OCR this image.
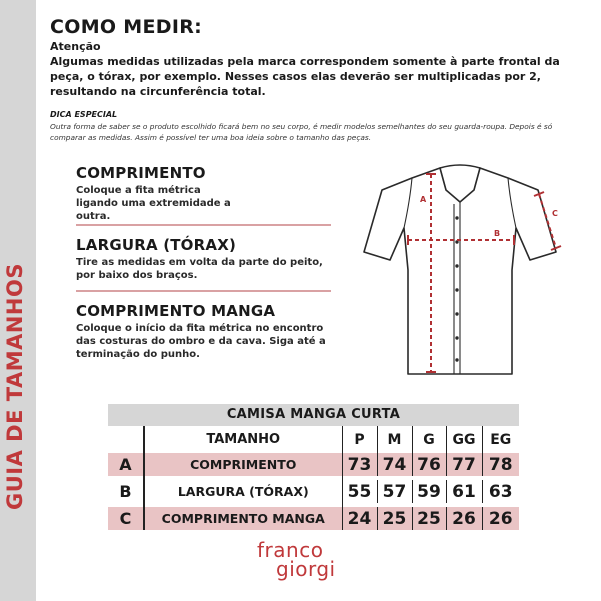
GUIA DE TAMANHOS
COMO MEDIR:
Atenção
Algumas medidas utilizadas pela marca correspondem somente à parte frontal da peça, o tórax, por exemplo. Nesses casos elas deverão ser multiplicadas por 2, resultando na circunferência total.
DICA ESPECIAL
Outra forma de saber se o produto escolhido ficará bem no seu corpo, é medir modelos semelhantes do seu guarda-roupa. Depois é só comparar as medidas. Assim é possível ter uma boa ideia sobre o tamanho das peças.
COMPRIMENTO

Coloque a fita métrica ligando uma extremidade a outra.

LARGURA (TÓRAX)

Tire as medidas em volta da parte do peito, por baixo dos braços.

COMPRIMENTO MANGA

Coloque o início da fita métrica no encontro das costuras do ombro e da cava. Siga até a terminação do punho.

A
B
C
CAMISA MANGA CURTA
	TAMANHO	P	M	G	GG	EG
A	COMPRIMENTO	73	74	76	77	78

B	LARGURA (TÓRAX)	55	57	59	61	63

C	COMPRIMENTO MANGA	24	25	25	26	26
franco
giorgi
